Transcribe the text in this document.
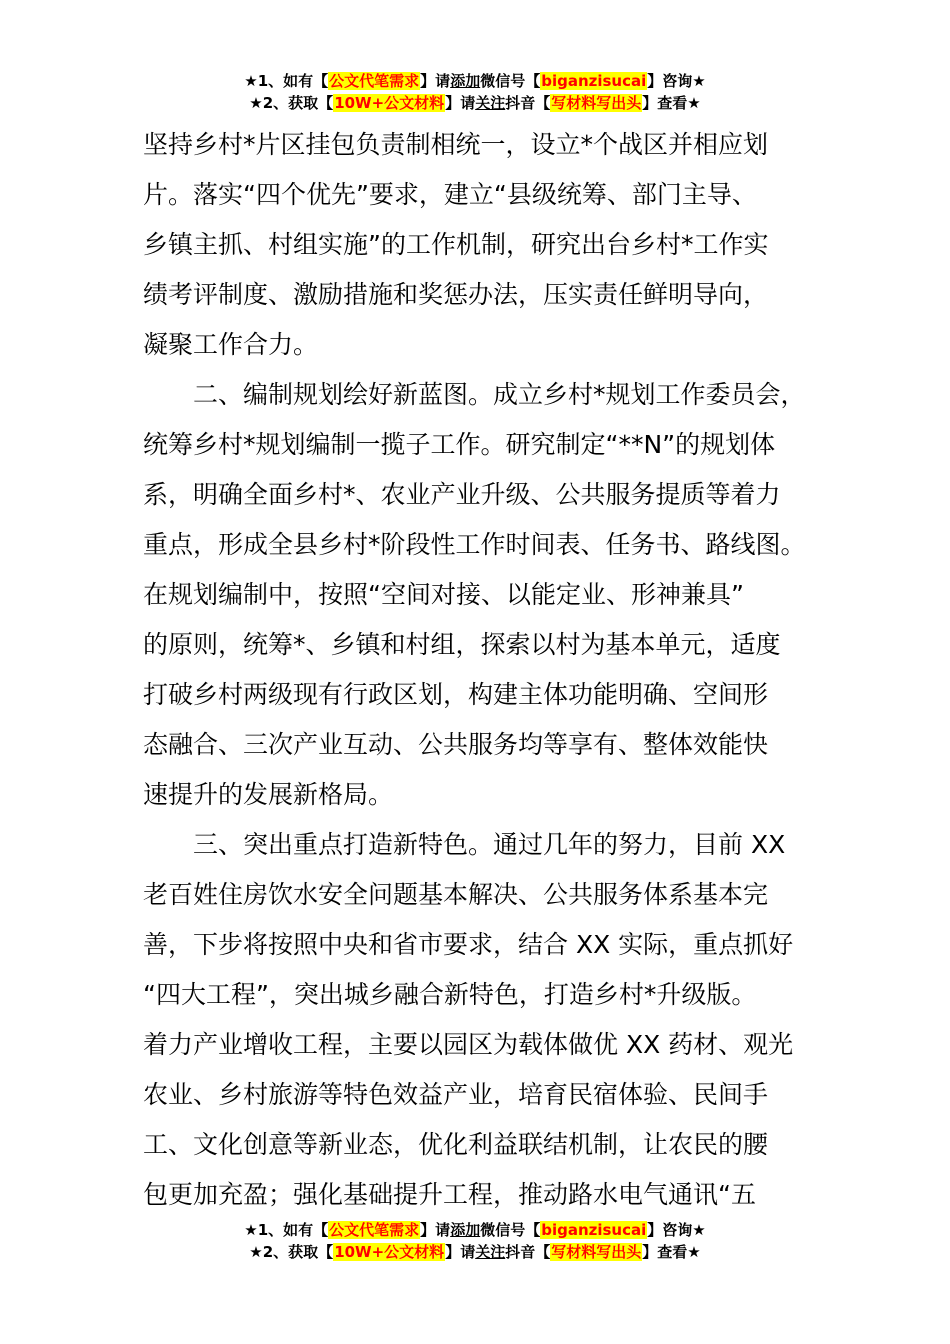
★1、如有【公文代笔需求】请添加微信号【biganzisucai】咨询★
★2、获取【10W+公文材料】请关注抖音【写材料写出头】查看★
坚持乡村*片区挂包负责制相统一，设立*个战区并相应划
片。落实“四个优先”要求，建立“县级统筹、部门主导、
乡镇主抓、村组实施”的工作机制，研究出台乡村*工作实
绩考评制度、激励措施和奖惩办法，压实责任鲜明导向，
凝聚工作合力。
　　二、编制规划绘好新蓝图。成立乡村*规划工作委员会，
统筹乡村*规划编制一揽子工作。研究制定“**N”的规划体
系，明确全面乡村*、农业产业升级、公共服务提质等着力
重点，形成全县乡村*阶段性工作时间表、任务书、路线图。
在规划编制中，按照“空间对接、以能定业、形神兼具”
的原则，统筹*、乡镇和村组，探索以村为基本单元，适度
打破乡村两级现有行政区划，构建主体功能明确、空间形
态融合、三次产业互动、公共服务均等享有、整体效能快
速提升的发展新格局。
　　三、突出重点打造新特色。通过几年的努力，目前 XX
老百姓住房饮水安全问题基本解决、公共服务体系基本完
善，下步将按照中央和省市要求，结合 XX 实际，重点抓好
“四大工程”，突出城乡融合新特色，打造乡村*升级版。
着力产业增收工程，主要以园区为载体做优 XX 药材、观光
农业、乡村旅游等特色效益产业，培育民宿体验、民间手
工、文化创意等新业态，优化利益联结机制，让农民的腰
包更加充盈；强化基础提升工程，推动路水电气通讯“五
★1、如有【公文代笔需求】请添加微信号【biganzisucai】咨询★
★2、获取【10W+公文材料】请关注抖音【写材料写出头】查看★
